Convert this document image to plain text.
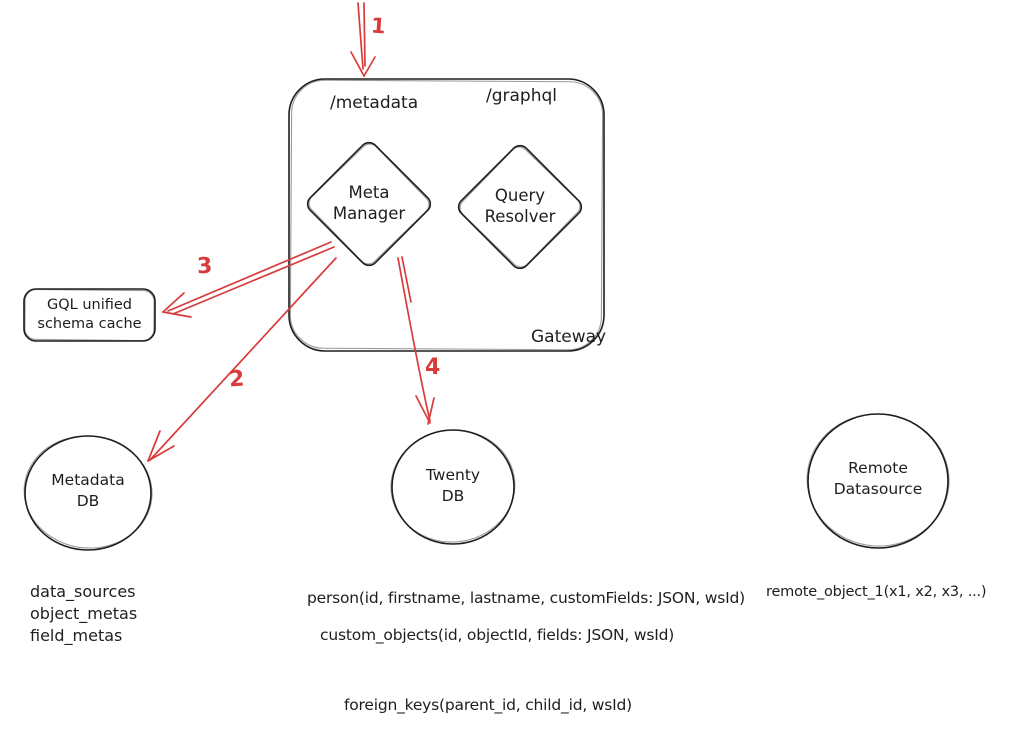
/metadata	/graphql
Meta
Manager
Query
Resolver
Gateway
GQL unified
schema cache
1
2
3
4
Metadata
DB
Twenty
DB
Remote
Datasource
data_sources
object_metas
field_metas
person(id, firstname, lastname, customFields: JSON, wsId)
custom_objects(id, objectId, fields: JSON, wsId)
foreign_keys(parent_id, child_id, wsId)
remote_object_1(x1, x2, x3, ...)
